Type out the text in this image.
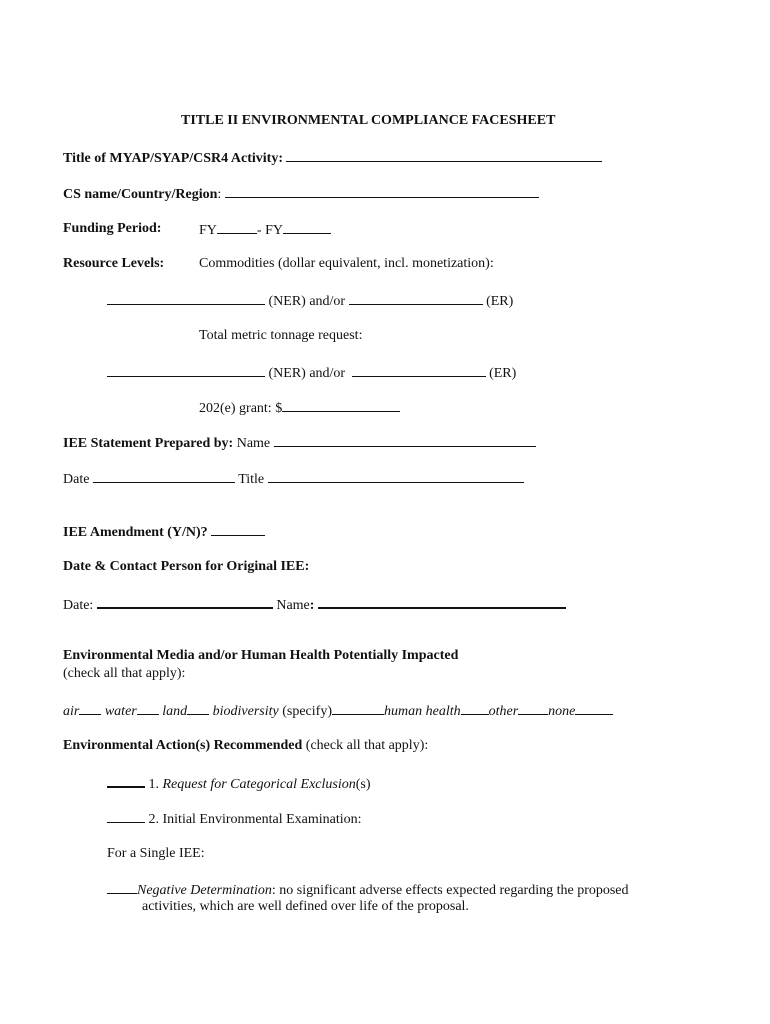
TITLE II ENVIRONMENTAL COMPLIANCE FACESHEET
Title of MYAP/SYAP/CSR4 Activity:
CS name/Country/Region:
Funding Period:	FY	- FY
Resource Levels: Commodities (dollar equivalent, incl. monetization):
(NER) and/or	(ER)
Total metric tonnage request:
(NER) and/or	(ER)
202(e) grant: $
IEE Statement Prepared by: Name
Date	Title
IEE Amendment (Y/N)?
Date & Contact Person for Original IEE:
Date:	Name:
Environmental Media and/or Human Health Potentially Impacted
(check all that apply):
air water land biodiversity (specify)	human health other none
Environmental Action(s) Recommended (check all that apply):
1. Request for Categorical Exclusion(s)
2. Initial Environmental Examination:
For a Single IEE:
Negative Determination: no significant adverse effects expected regarding the proposed
activities, which are well defined over life of the proposal.
